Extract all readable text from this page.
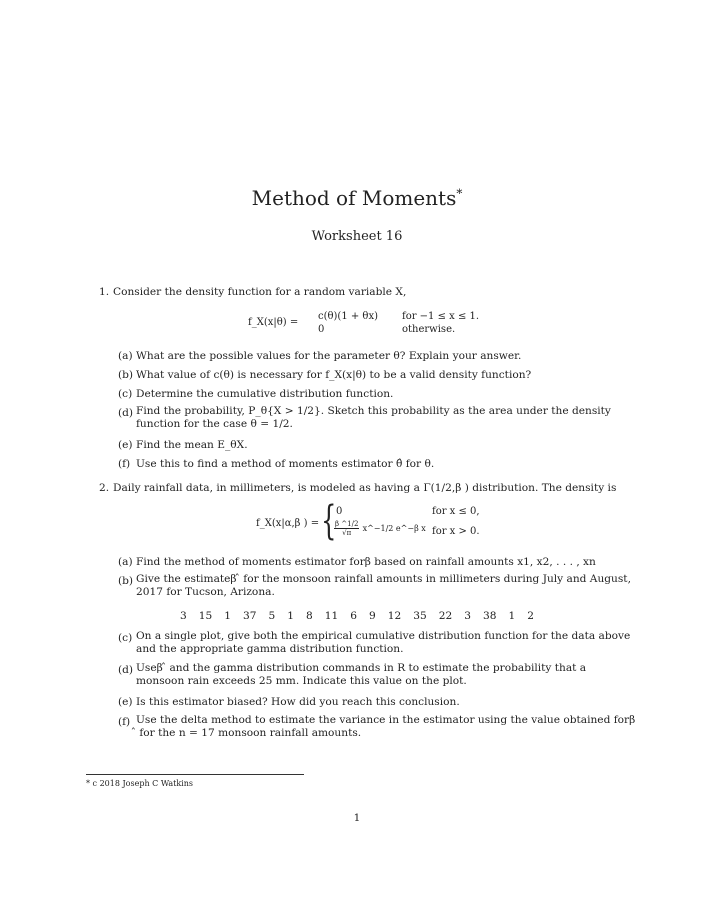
Method of Moments*
Worksheet 16
1. Consider the density function for a random variable X,
f_X(x|θ) =
c(θ)(1 + θx) for −1 ≤ x ≤ 1.
0	otherwise.
(a) What are the possible values for the parameter θ? Explain your answer.
(b) What value of c(θ) is necessary for f_X(x|θ) to be a valid density function?
(c) Determine the cumulative distribution function.
(d) Find the probability, P_θ{X > 1/2}. Sketch this probability as the area under the density function for the case θ = 1/2.
(e) Find the mean E_θX.
(f) Use this to find a method of moments estimator θ̂ for θ.
2. Daily rainfall data, in millimeters, is modeled as having a Γ(1/2,β ) distribution. The density is
f_X(x|α,β ) = { 0	for x ≤ 0,
$\frac{\beta \^{}1/2}{√\pi}$ x^−1/2 e^−β x for x > 0.
(a) Find the method of moments estimator forβ based on rainfall amounts x1, x2, . . . , xn
(b) Give the estimateβ ̂ for the monsoon rainfall amounts in millimeters during July and August, 2017 for Tucson, Arizona.
3 15 1 37 5 1 8 11 6 9 12 35 22 3 38 1 2
(c) On a single plot, give both the empirical cumulative distribution function for the data above and the appropriate gamma distribution function.
(d) Useβ ̂ and the gamma distribution commands in R to estimate the probability that a monsoon rain exceeds 25 mm. Indicate this value on the plot.
(e) Is this estimator biased? How did you reach this conclusion.
(f) Use the delta method to estimate the variance in the estimator using the value obtained forβ ̂ for the n = 17 monsoon rainfall amounts.
* c 2018 Joseph C Watkins
1
